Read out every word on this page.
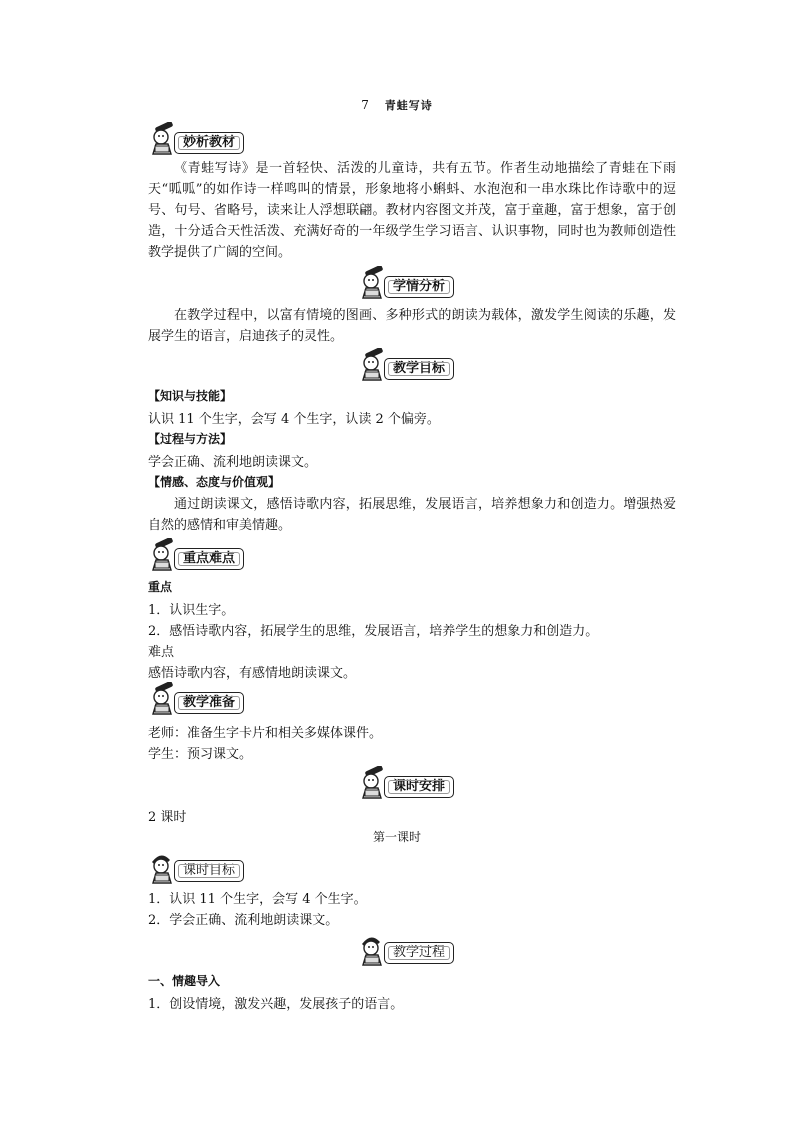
7 青蛙写诗
妙析教材
《青蛙写诗》是一首轻快、活泼的儿童诗，共有五节。作者生动地描绘了青蛙在下雨天“呱呱”的如作诗一样鸣叫的情景，形象地将小蝌蚪、水泡泡和一串水珠比作诗歌中的逗号、句号、省略号，读来让人浮想联翩。教材内容图文并茂，富于童趣，富于想象，富于创造，十分适合天性活泼、充满好奇的一年级学生学习语言、认识事物，同时也为教师创造性教学提供了广阔的空间。
学情分析
在教学过程中，以富有情境的图画、多种形式的朗读为载体，激发学生阅读的乐趣，发展学生的语言，启迪孩子的灵性。
教学目标
【知识与技能】
认识 11 个生字，会写 4 个生字，认读 2 个偏旁。
【过程与方法】
学会正确、流利地朗读课文。
【情感、态度与价值观】
通过朗读课文，感悟诗歌内容，拓展思维，发展语言，培养想象力和创造力。增强热爱自然的感情和审美情趣。
重点难点
重点
1．认识生字。
2．感悟诗歌内容，拓展学生的思维，发展语言，培养学生的想象力和创造力。
难点
感悟诗歌内容，有感情地朗读课文。
教学准备
老师：准备生字卡片和相关多媒体课件。
学生：预习课文。
课时安排
2 课时
第一课时
课时目标
1．认识 11 个生字，会写 4 个生字。
2．学会正确、流利地朗读课文。
教学过程
一、情趣导入
1．创设情境，激发兴趣，发展孩子的语言。
